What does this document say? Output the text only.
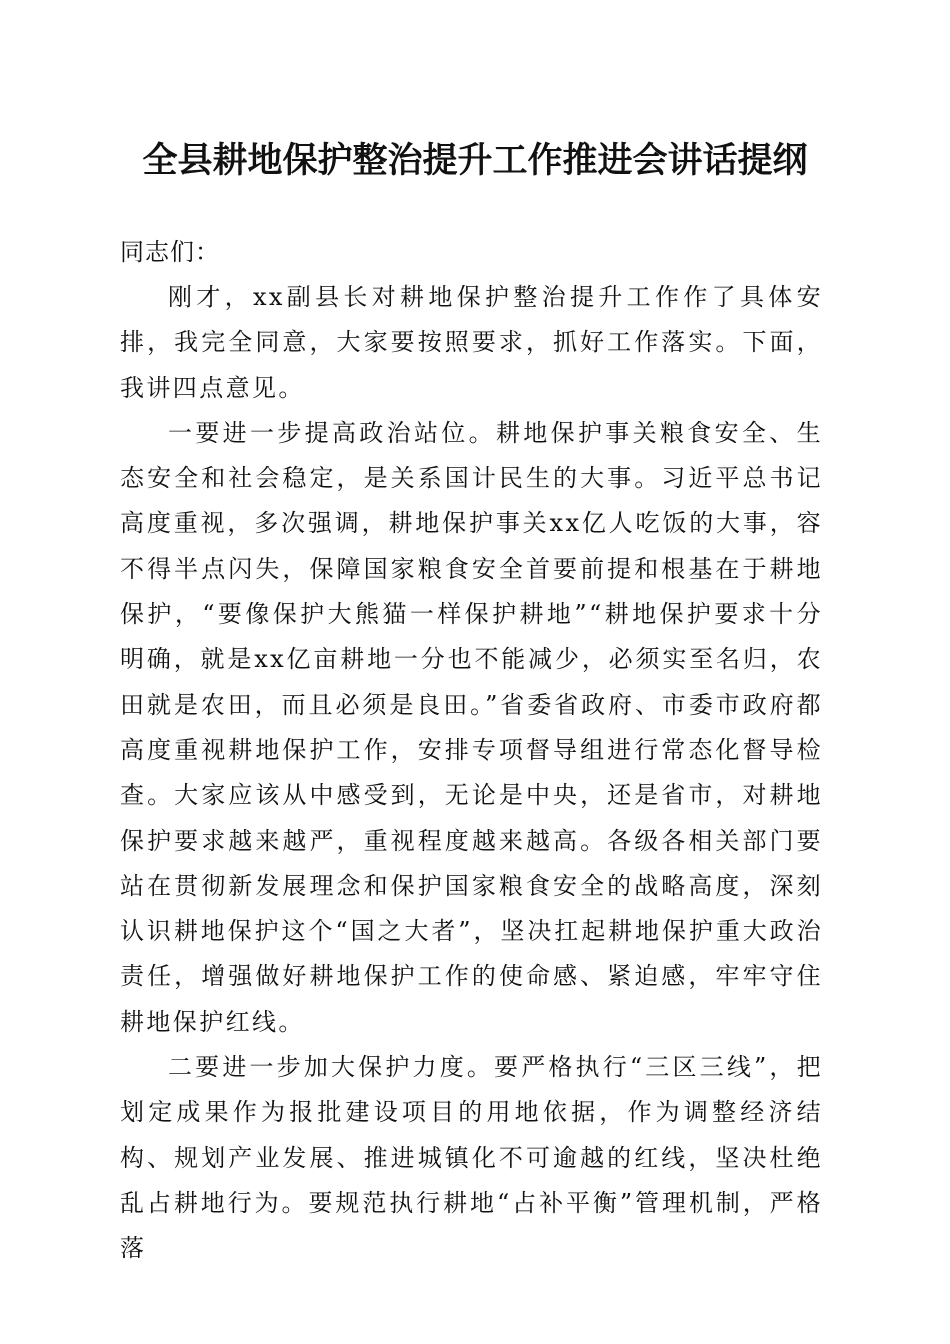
全县耕地保护整治提升工作推进会讲话提纲

同志们：

刚才，xx副县长对耕地保护整治提升工作作了具体安排，我完全同意，大家要按照要求，抓好工作落实。下面，我讲四点意见。

一要进一步提高政治站位。耕地保护事关粮食安全、生态安全和社会稳定，是关系国计民生的大事。习近平总书记高度重视，多次强调，耕地保护事关xx亿人吃饭的大事，容不得半点闪失，保障国家粮食安全首要前提和根基在于耕地保护，“要像保护大熊猫一样保护耕地”“耕地保护要求十分明确，就是xx亿亩耕地一分也不能减少，必须实至名归，农田就是农田，而且必须是良田。”省委省政府、市委市政府都高度重视耕地保护工作，安排专项督导组进行常态化督导检查。大家应该从中感受到，无论是中央，还是省市，对耕地保护要求越来越严，重视程度越来越高。各级各相关部门要站在贯彻新发展理念和保护国家粮食安全的战略高度，深刻认识耕地保护这个“国之大者”，坚决扛起耕地保护重大政治责任，增强做好耕地保护工作的使命感、紧迫感，牢牢守住耕地保护红线。

二要进一步加大保护力度。要严格执行“三区三线”，把划定成果作为报批建设项目的用地依据，作为调整经济结构、规划产业发展、推进城镇化不可逾越的红线，坚决杜绝乱占耕地行为。要规范执行耕地“占补平衡”管理机制，严格落
